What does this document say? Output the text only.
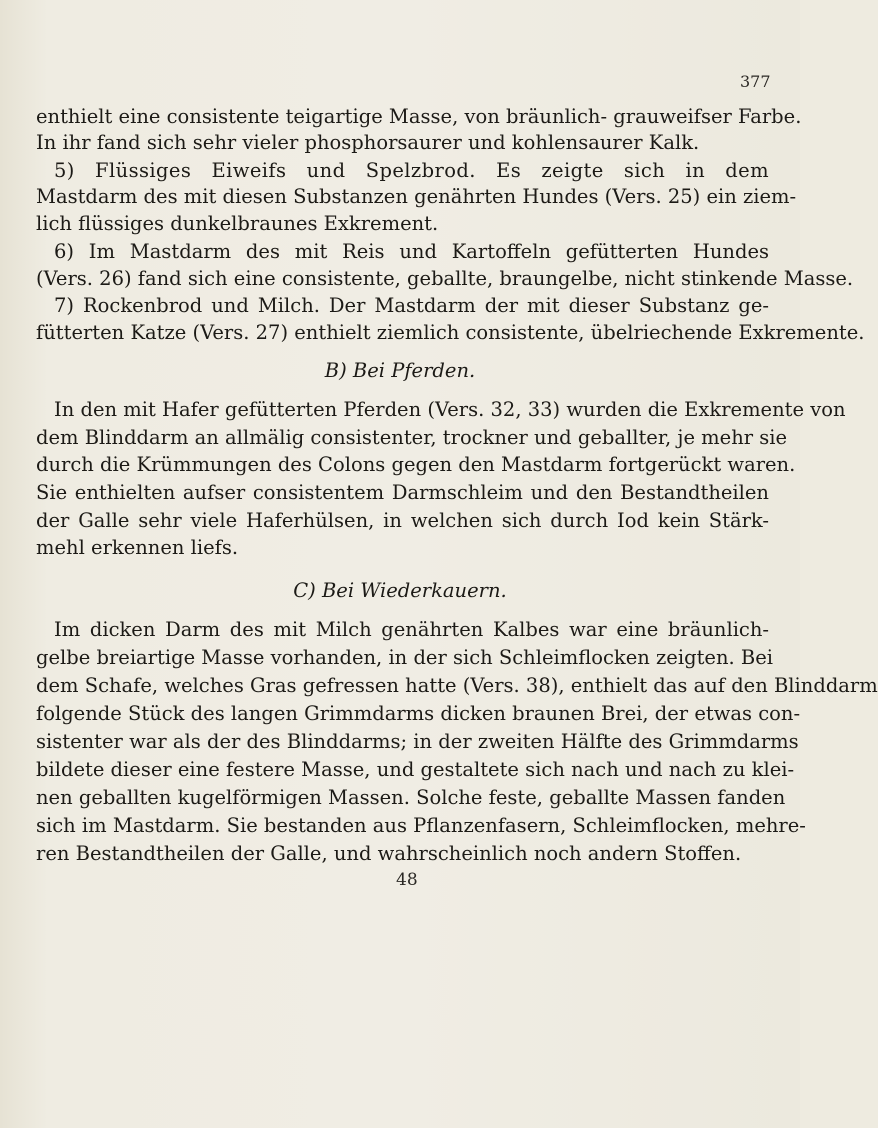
377
enthielt eine consistente teigartige Masse, von bräunlich- grauweifser Farbe.
In ihr fand sich sehr vieler phosphorsaurer und kohlensaurer Kalk.
5) Flüssiges Eiweifs und Spelzbrod. Es zeigte sich in dem
Mastdarm des mit diesen Substanzen genährten Hundes (Vers. 25) ein ziem-
lich flüssiges dunkelbraunes Exkrement.
6) Im Mastdarm des mit Reis und Kartoffeln gefütterten Hundes
(Vers. 26) fand sich eine consistente, geballte, braungelbe, nicht stinkende Masse.
7) Rockenbrod und Milch. Der Mastdarm der mit dieser Substanz ge-
fütterten Katze (Vers. 27) enthielt ziemlich consistente, übelriechende Exkremente.
B) Bei Pferden.
In den mit Hafer gefütterten Pferden (Vers. 32, 33) wurden die Exkremente von
dem Blinddarm an allmälig consistenter, trockner und geballter, je mehr sie
durch die Krümmungen des Colons gegen den Mastdarm fortgerückt waren.
Sie enthielten aufser consistentem Darmschleim und den Bestandtheilen
der Galle sehr viele Haferhülsen, in welchen sich durch Iod kein Stärk-
mehl erkennen liefs.
C) Bei Wiederkauern.
Im dicken Darm des mit Milch genährten Kalbes war eine bräunlich-
gelbe breiartige Masse vorhanden, in der sich Schleimflocken zeigten. Bei
dem Schafe, welches Gras gefressen hatte (Vers. 38), enthielt das auf den Blinddarm
folgende Stück des langen Grimmdarms dicken braunen Brei, der etwas con-
sistenter war als der des Blinddarms; in der zweiten Hälfte des Grimmdarms
bildete dieser eine festere Masse, und gestaltete sich nach und nach zu klei-
nen geballten kugelförmigen Massen. Solche feste, geballte Massen fanden
sich im Mastdarm. Sie bestanden aus Pflanzenfasern, Schleimflocken, mehre-
ren Bestandtheilen der Galle, und wahrscheinlich noch andern Stoffen.
48
